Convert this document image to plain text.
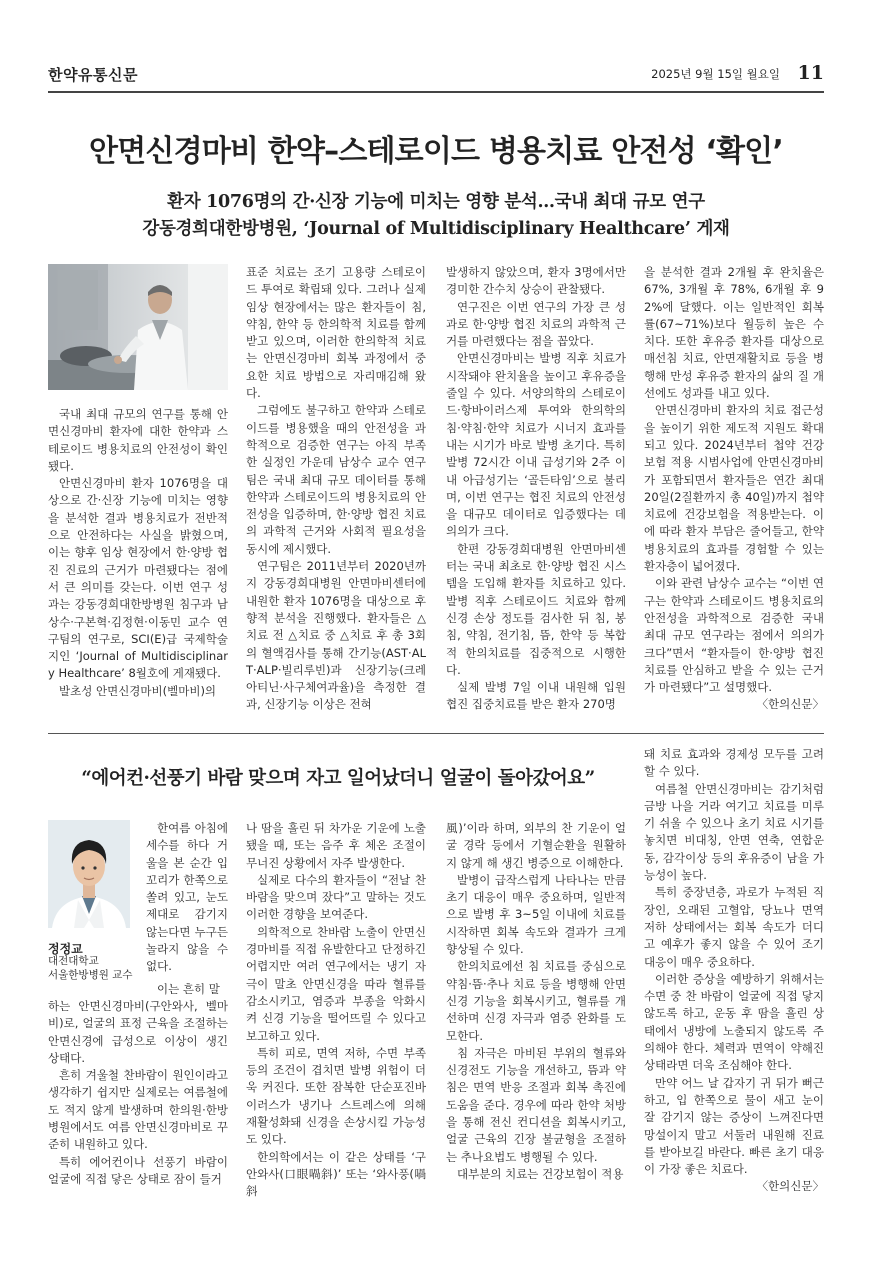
한약유통신문	2025년 9월 15일 월요일 11
안면신경마비 한약–스테로이드 병용치료 안전성 ‘확인’
환자 1076명의 간·신장 기능에 미치는 영향 분석…국내 최대 규모 연구
강동경희대한방병원, ‘Journal of Multidisciplinary Healthcare’ 게재

국내 최대 규모의 연구를 통해 안면신경마비 환자에 대한 한약과 스테로이드 병용치료의 안전성이 확인됐다.

안면신경마비 환자 1076명을 대상으로 간·신장 기능에 미치는 영향을 분석한 결과 병용치료가 전반적으로 안전하다는 사실을 밝혔으며, 이는 향후 임상 현장에서 한·양방 협진 진료의 근거가 마련됐다는 점에서 큰 의미를 갖는다. 이번 연구 성과는 강동경희대한방병원 침구과 남상수·구본혁·김정현·이동민 교수 연구팀의 연구로, SCI(E)급 국제학술지인 ‘Journal of Multidisciplinary Healthcare’ 8월호에 게재됐다.

발초성 안면신경마비(벨마비)의

표준 치료는 조기 고용량 스테로이드 투여로 확립돼 있다. 그러나 실제 임상 현장에서는 많은 환자들이 침, 약침, 한약 등 한의학적 치료를 함께 받고 있으며, 이러한 한의학적 치료는 안면신경마비 회복 과정에서 중요한 치료 방법으로 자리매김해 왔다.

그럼에도 불구하고 한약과 스테로이드를 병용했을 때의 안전성을 과학적으로 검증한 연구는 아직 부족한 실정인 가운데 남상수 교수 연구팀은 국내 최대 규모 데이터를 통해 한약과 스테로이드의 병용치료의 안전성을 입증하며, 한·양방 협진 치료의 과학적 근거와 사회적 필요성을 동시에 제시했다.

연구팀은 2011년부터 2020년까지 강동경희대병원 안면마비센터에 내원한 환자 1076명을 대상으로 후향적 분석을 진행했다. 환자들은 △치료 전 △치료 중 △치료 후 총 3회의 혈액검사를 통해 간기능(AST·ALT·ALP·빌리루빈)과 신장기능(크레아티닌·사구체여과율)을 측정한 결과, 신장기능 이상은 전혀

발생하지 않았으며, 환자 3명에서만 경미한 간수치 상승이 관찰됐다.

연구진은 이번 연구의 가장 큰 성과로 한·양방 협진 치료의 과학적 근거를 마련했다는 점을 꼽았다.

안면신경마비는 발병 직후 치료가 시작돼야 완치율을 높이고 후유증을 줄일 수 있다. 서양의학의 스테로이드·항바이러스제 투여와 한의학의 침·약침·한약 치료가 시너지 효과를 내는 시기가 바로 발병 초기다. 특히 발병 72시간 이내 급성기와 2주 이내 아급성기는 ‘골든타임’으로 불리며, 이번 연구는 협진 치료의 안전성을 대규모 데이터로 입증했다는 데 의의가 크다.

한편 강동경희대병원 안면마비센터는 국내 최초로 한·양방 협진 시스템을 도입해 환자를 치료하고 있다. 발병 직후 스테로이드 치료와 함께 신경 손상 정도를 검사한 뒤 침, 봉침, 약침, 전기침, 뜸, 한약 등 복합적 한의치료를 집중적으로 시행한다.

실제 발병 7일 이내 내원해 입원 협진 집중치료를 받은 환자 270명

을 분석한 결과 2개월 후 완치율은 67%, 3개월 후 78%, 6개월 후 92%에 달했다. 이는 일반적인 회복률(67~71%)보다 월등히 높은 수치다. 또한 후유증 환자를 대상으로 매선침 치료, 안면재활치료 등을 병행해 만성 후유증 환자의 삶의 질 개선에도 성과를 내고 있다.

안면신경마비 환자의 치료 접근성을 높이기 위한 제도적 지원도 확대되고 있다. 2024년부터 첩약 건강보험 적용 시범사업에 안면신경마비가 포함되면서 환자들은 연간 최대 20일(2질환까지 총 40일)까지 첩약 치료에 건강보험을 적용받는다. 이에 따라 환자 부담은 줄어들고, 한약 병용치료의 효과를 경험할 수 있는 환자층이 넓어졌다.

이와 관련 남상수 교수는 “이번 연구는 한약과 스테로이드 병용치료의 안전성을 과학적으로 검증한 국내 최대 규모 연구라는 점에서 의의가 크다”면서 “환자들이 한·양방 협진치료를 안심하고 받을 수 있는 근거가 마련됐다”고 설명했다.

〈한의신문〉
“에어컨·선풍기 바람 맞으며 자고 일어났더니 얼굴이 돌아갔어요”
정정교
대전대학교
서울한방병원 교수

한여름 아침에 세수를 하다 거울을 본 순간 입꼬리가 한쪽으로 쏠려 있고, 눈도 제대로 감기지 않는다면 누구든 놀라지 않을 수 없다.

이는 흔히 말

하는 안면신경마비(구안와사, 벨마비)로, 얼굴의 표정 근육을 조절하는 안면신경에 급성으로 이상이 생긴 상태다.

흔히 겨울철 찬바람이 원인이라고 생각하기 쉽지만 실제로는 여름철에도 적지 않게 발생하며 한의원·한방병원에서도 여름 안면신경마비로 꾸준히 내원하고 있다.

특히 에어컨이나 선풍기 바람이 얼굴에 직접 닿은 상태로 잠이 들거

나 땀을 흘린 뒤 차가운 기운에 노출됐을 때, 또는 음주 후 체온 조절이 무너진 상황에서 자주 발생한다.

실제로 다수의 환자들이 “전날 찬 바람을 맞으며 잤다”고 말하는 것도 이러한 경향을 보여준다.

의학적으로 찬바람 노출이 안면신경마비를 직접 유발한다고 단정하긴 어렵지만 여러 연구에서는 냉기 자극이 말초 안면신경을 따라 혈류를 감소시키고, 염증과 부종을 악화시켜 신경 기능을 떨어뜨릴 수 있다고 보고하고 있다.

특히 피로, 면역 저하, 수면 부족 등의 조건이 겹치면 발병 위험이 더욱 커진다. 또한 잠복한 단순포진바이러스가 냉기나 스트레스에 의해 재활성화돼 신경을 손상시킬 가능성도 있다.

한의학에서는 이 같은 상태를 ‘구안와사(口眼喎斜)’ 또는 ‘와사풍(喎斜

風)’이라 하며, 외부의 찬 기운이 얼굴 경락 등에서 기혈순환을 원활하지 않게 해 생긴 병증으로 이해한다.

발병이 급작스럽게 나타나는 만큼 초기 대응이 매우 중요하며, 일반적으로 발병 후 3~5일 이내에 치료를 시작하면 회복 속도와 결과가 크게 향상될 수 있다.

한의치료에선 침 치료를 중심으로 약침·뜸·추나 치료 등을 병행해 안면신경 기능을 회복시키고, 혈류를 개선하며 신경 자극과 염증 완화를 도모한다.

침 자극은 마비된 부위의 혈류와 신경전도 기능을 개선하고, 뜸과 약침은 면역 반응 조절과 회복 촉진에 도움을 준다. 경우에 따라 한약 처방을 통해 전신 컨디션을 회복시키고, 얼굴 근육의 긴장 불균형을 조절하는 추나요법도 병행될 수 있다.

대부분의 치료는 건강보험이 적용

돼 치료 효과와 경제성 모두를 고려할 수 있다.

여름철 안면신경마비는 감기처럼 금방 나을 거라 여기고 치료를 미루기 쉬울 수 있으나 초기 치료 시기를 놓치면 비대칭, 안면 연축, 연합운동, 감각이상 등의 후유증이 남을 가능성이 높다.

특히 중장년층, 과로가 누적된 직장인, 오래된 고혈압, 당뇨나 면역 저하 상태에서는 회복 속도가 더디고 예후가 좋지 않을 수 있어 조기 대응이 매우 중요하다.

이러한 증상을 예방하기 위해서는 수면 중 찬 바람이 얼굴에 직접 닿지 않도록 하고, 운동 후 땀을 흘린 상태에서 냉방에 노출되지 않도록 주의해야 한다. 체력과 면역이 약해진 상태라면 더욱 조심해야 한다.

만약 어느 날 갑자기 귀 뒤가 뻐근하고, 입 한쪽으로 물이 새고 눈이 잘 감기지 않는 증상이 느껴진다면 망설이지 말고 서둘러 내원해 진료를 받아보길 바란다. 빠른 초기 대응이 가장 좋은 치료다.

〈한의신문〉
